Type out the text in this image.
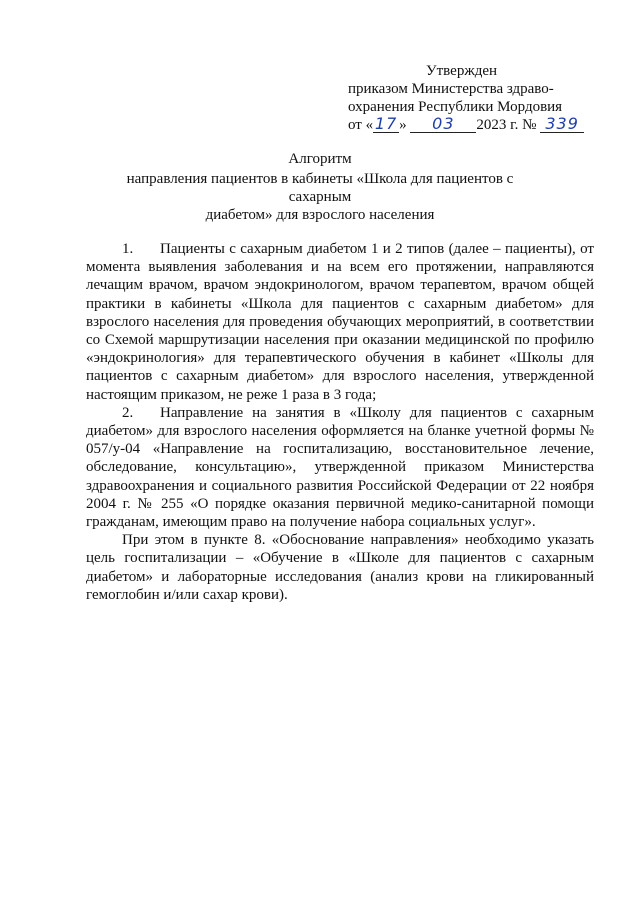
Утвержден
приказом Министерства здраво-
охранения Республики Мордовия
от « 17 » 03 2023 г. № 339
Алгоритм
направления пациентов в кабинеты «Школа для пациентов с сахарным
диабетом» для взрослого населения

1. Пациенты с сахарным диабетом 1 и 2 типов (далее – пациенты), от момента выявления заболевания и на всем его протяжении, направляются лечащим врачом, врачом эндокринологом, врачом терапевтом, врачом общей практики в кабинеты «Школа для пациентов с сахарным диабетом» для взрослого населения для проведения обучающих мероприятий, в соответствии со Схемой маршрутизации населения при оказании медицинской по профилю «эндокринология» для терапевтического обучения в кабинет «Школы для пациентов с сахарным диабетом» для взрослого населения, утвержденной настоящим приказом, не реже 1 раза в 3 года;

2. Направление на занятия в «Школу для пациентов с сахарным диабетом» для взрослого населения оформляется на бланке учетной формы № 057/у-04 «Направление на госпитализацию, восстановительное лечение, обследование, консультацию», утвержденной приказом Министерства здравоохранения и социального развития Российской Федерации от 22 ноября 2004 г. № 255 «О порядке оказания первичной медико-санитарной помощи гражданам, имеющим право на получение набора социальных услуг».

При этом в пункте 8. «Обоснование направления» необходимо указать цель госпитализации – «Обучение в «Школе для пациентов с сахарным диабетом» и лабораторные исследования (анализ крови на гликированный гемоглобин и/или сахар крови).
